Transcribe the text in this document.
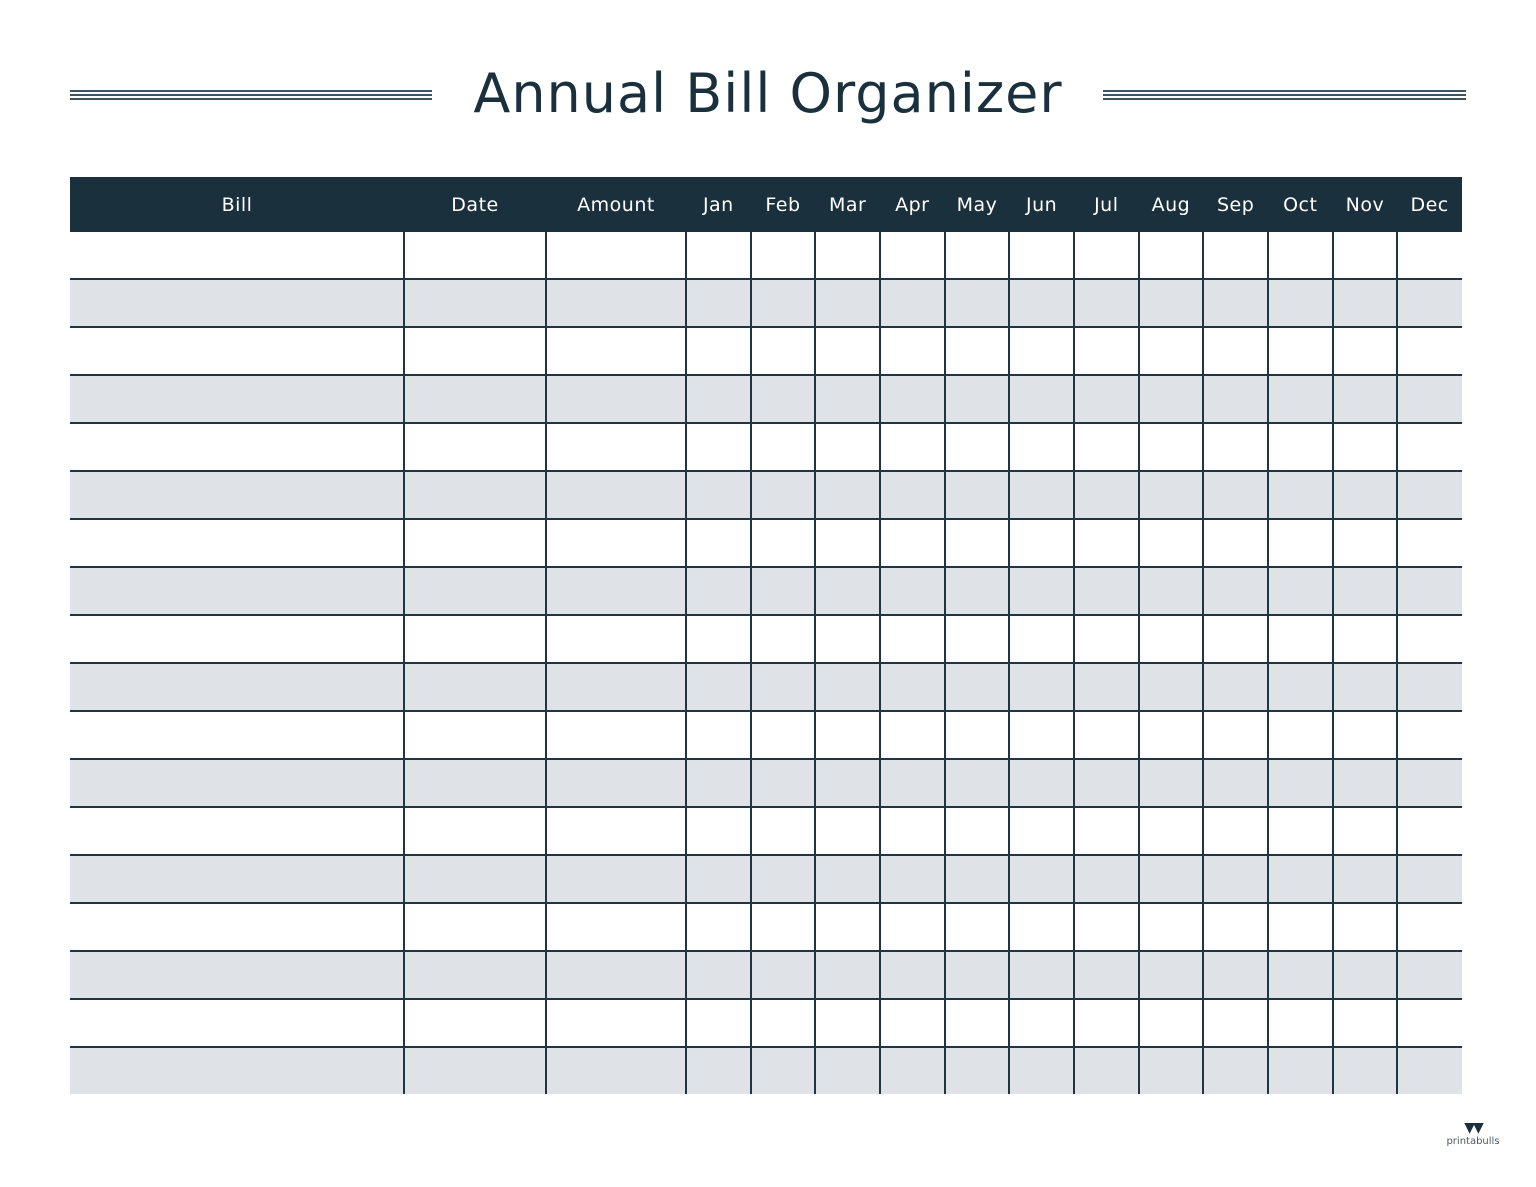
Annual Bill Organizer
Bill	Date	Amount	Jan	Feb	Mar	Apr	May	Jun	Jul	Aug	Sep	Oct	Nov	Dec

▼▼
printabulls
